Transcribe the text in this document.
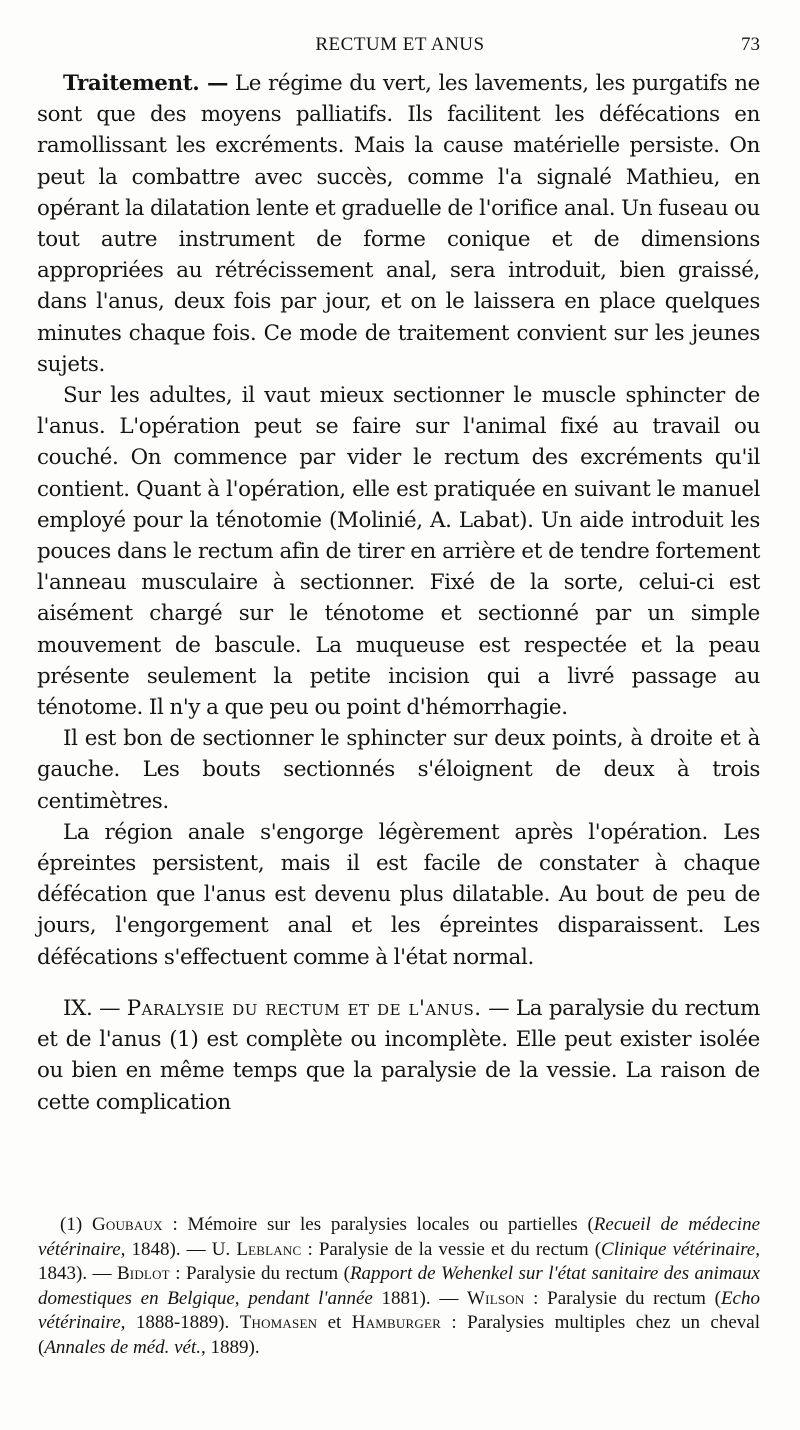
RECTUM ET ANUS	73

Traitement. — Le régime du vert, les lavements, les purgatifs ne sont que des moyens palliatifs. Ils facilitent les défécations en ramollissant les excréments. Mais la cause matérielle persiste. On peut la combattre avec succès, comme l'a signalé Mathieu, en opérant la dilatation lente et graduelle de l'orifice anal. Un fuseau ou tout autre instrument de forme conique et de dimensions appropriées au rétrécissement anal, sera introduit, bien graissé, dans l'anus, deux fois par jour, et on le laissera en place quelques minutes chaque fois. Ce mode de traitement convient sur les jeunes sujets.

Sur les adultes, il vaut mieux sectionner le muscle sphincter de l'anus. L'opération peut se faire sur l'animal fixé au travail ou couché. On commence par vider le rectum des excréments qu'il contient. Quant à l'opération, elle est pratiquée en suivant le manuel employé pour la ténotomie (Molinié, A. Labat). Un aide introduit les pouces dans le rectum afin de tirer en arrière et de tendre fortement l'anneau musculaire à sectionner. Fixé de la sorte, celui-ci est aisément chargé sur le ténotome et sectionné par un simple mouvement de bascule. La muqueuse est respectée et la peau présente seulement la petite incision qui a livré passage au ténotome. Il n'y a que peu ou point d'hémorrhagie.

Il est bon de sectionner le sphincter sur deux points, à droite et à gauche. Les bouts sectionnés s'éloignent de deux à trois centimètres.

La région anale s'engorge légèrement après l'opération. Les épreintes persistent, mais il est facile de constater à chaque défécation que l'anus est devenu plus dilatable. Au bout de peu de jours, l'engorgement anal et les épreintes disparaissent. Les défécations s'effectuent comme à l'état normal.

IX. — Paralysie du rectum et de l'anus. — La paralysie du rectum et de l'anus (1) est complète ou incomplète. Elle peut exister isolée ou bien en même temps que la paralysie de la vessie. La raison de cette complication

(1) Goubaux : Mémoire sur les paralysies locales ou partielles (Recueil de médecine vétérinaire, 1848). — U. Leblanc : Paralysie de la vessie et du rectum (Clinique vétérinaire, 1843). — Bidlot : Paralysie du rectum (Rapport de Wehenkel sur l'état sanitaire des animaux domestiques en Belgique, pendant l'année 1881). — Wilson : Paralysie du rectum (Echo vétérinaire, 1888-1889). Thomasen et Hamburger : Paralysies multiples chez un cheval (Annales de méd. vét., 1889).
